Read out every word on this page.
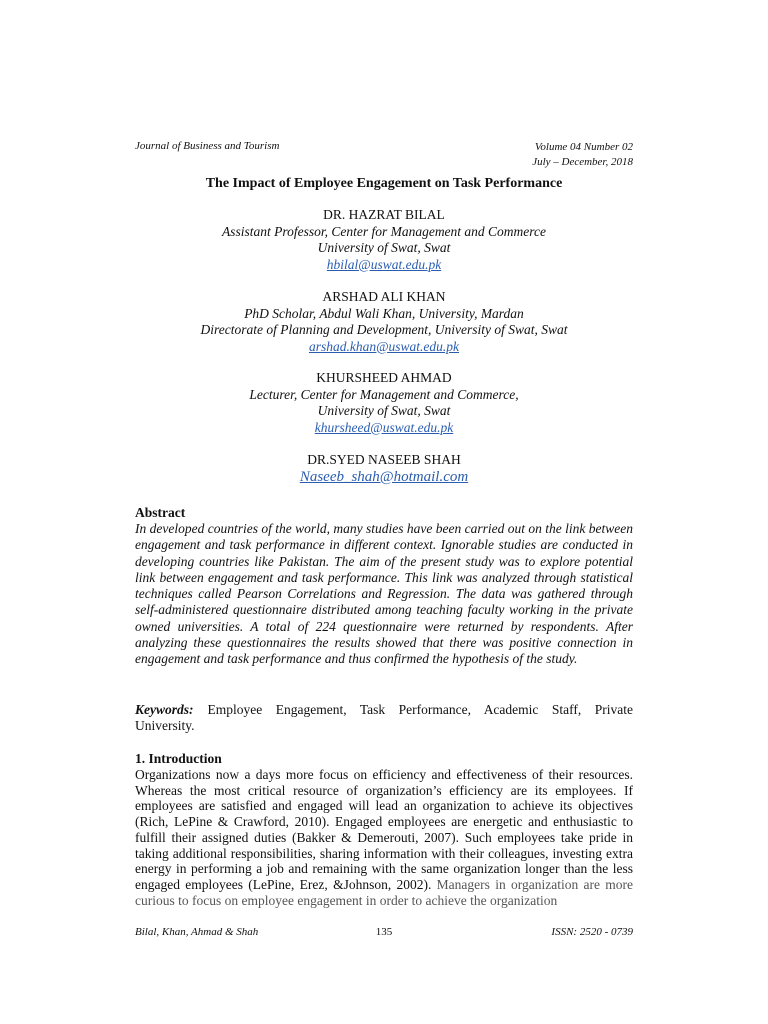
Journal of Business and Tourism	Volume 04 Number 02
July – December, 2018
The Impact of Employee Engagement on Task Performance
DR. HAZRAT BILAL
Assistant Professor, Center for Management and Commerce
University of Swat, Swat
hbilal@uswat.edu.pk
ARSHAD ALI KHAN
PhD Scholar, Abdul Wali Khan, University, Mardan
Directorate of Planning and Development, University of Swat, Swat
arshad.khan@uswat.edu.pk
KHURSHEED AHMAD
Lecturer, Center for Management and Commerce,
University of Swat, Swat
khursheed@uswat.edu.pk
DR.SYED NASEEB SHAH
Naseeb_shah@hotmail.com
Abstract
In developed countries of the world, many studies have been carried out on the link between engagement and task performance in different context. Ignorable studies are conducted in developing countries like Pakistan. The aim of the present study was to explore potential link between engagement and task performance. This link was analyzed through statistical techniques called Pearson Correlations and Regression. The data was gathered through self-administered questionnaire distributed among teaching faculty working in the private owned universities. A total of 224 questionnaire were returned by respondents. After analyzing these questionnaires the results showed that there was positive connection in engagement and task performance and thus confirmed the hypothesis of the study.
Keywords: Employee Engagement, Task Performance, Academic Staff, Private University.
1. Introduction
Organizations now a days more focus on efficiency and effectiveness of their resources. Whereas the most critical resource of organization’s efficiency are its employees. If employees are satisfied and engaged will lead an organization to achieve its objectives (Rich, LePine & Crawford, 2010). Engaged employees are energetic and enthusiastic to fulfill their assigned duties (Bakker & Demerouti, 2007). Such employees take pride in taking additional responsibilities, sharing information with their colleagues, investing extra energy in performing a job and remaining with the same organization longer than the less engaged employees (LePine, Erez, &Johnson, 2002). Managers in organization are more curious to focus on employee engagement in order to achieve the organization
Bilal, Khan, Ahmad & Shah	135	ISSN: 2520 - 0739
